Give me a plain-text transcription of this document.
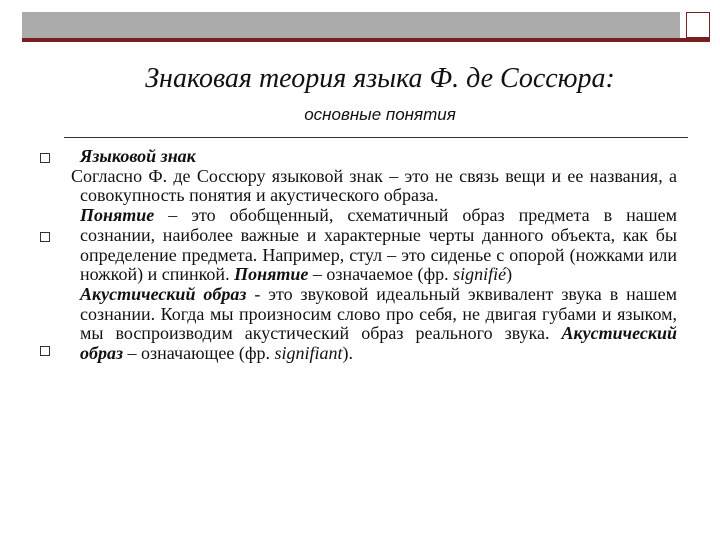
Знаковая теория языка Ф. де Соссюра:
основные понятия

Языковой знак

Согласно Ф. де Соссюру языковой знак – это не связь вещи и ее названия, а совокупность понятия и акустического образа.

Понятие – это обобщенный, схематичный образ предмета в нашем сознании, наиболее важные и характерные черты данного объекта, как бы определение предмета. Например, стул – это сиденье с опорой (ножками или ножкой) и спинкой. Понятие – означаемое (фр. signifié)

Акустический образ - это звуковой идеальный эквивалент звука в нашем сознании. Когда мы произносим слово про себя, не двигая губами и языком, мы воспроизводим акустический образ реального звука. Акустический образ – означающее (фр. signifiant).
